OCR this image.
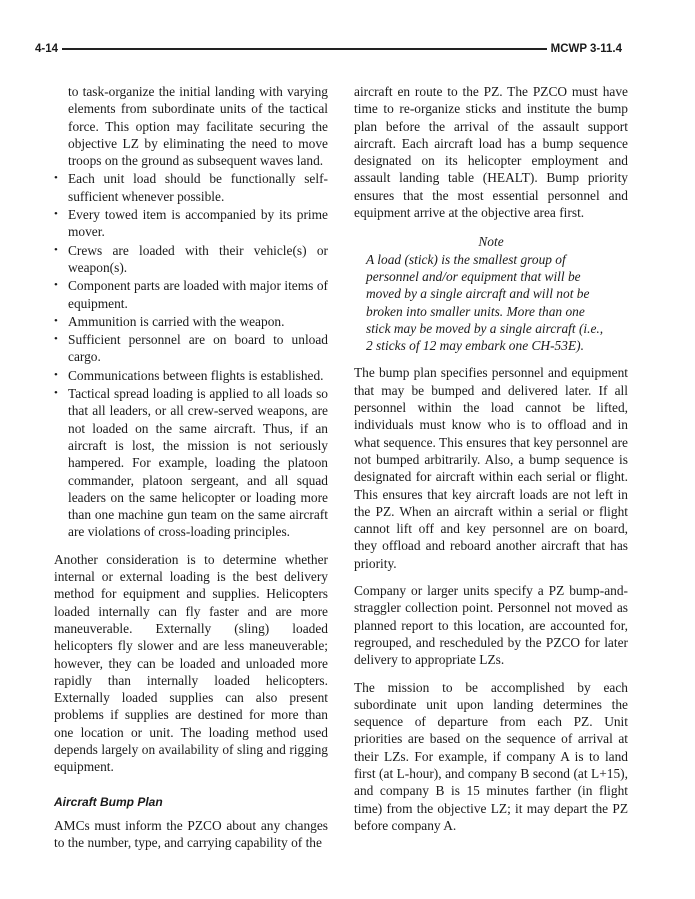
4-14	MCWP 3-11.4

to task-organize the initial landing with varying elements from subordinate units of the tactical force. This option may facilitate securing the objective LZ by eliminating the need to move troops on the ground as subsequent waves land.

• Each unit load should be functionally self-sufficient whenever possible.
• Every towed item is accompanied by its prime mover.
• Crews are loaded with their vehicle(s) or weapon(s).
• Component parts are loaded with major items of equipment.
• Ammunition is carried with the weapon.
• Sufficient personnel are on board to unload cargo.
• Communications between flights is established.
• Tactical spread loading is applied to all loads so that all leaders, or all crew-served weapons, are not loaded on the same aircraft. Thus, if an aircraft is lost, the mission is not seriously hampered. For example, loading the platoon commander, platoon sergeant, and all squad leaders on the same helicopter or loading more than one machine gun team on the same aircraft are violations of cross-loading principles.

Another consideration is to determine whether internal or external loading is the best delivery method for equipment and supplies. Helicopters loaded internally can fly faster and are more maneuverable. Externally (sling) loaded helicopters fly slower and are less maneuverable; however, they can be loaded and unloaded more rapidly than internally loaded helicopters. Externally loaded supplies can also present problems if supplies are destined for more than one location or unit. The loading method used depends largely on availability of sling and rigging equipment.

Aircraft Bump Plan

AMCs must inform the PZCO about any changes to the number, type, and carrying capability of the

aircraft en route to the PZ. The PZCO must have time to re-organize sticks and institute the bump plan before the arrival of the assault support aircraft. Each aircraft load has a bump sequence designated on its helicopter employment and assault landing table (HEALT). Bump priority ensures that the most essential personnel and equipment arrive at the objective area first.

Note
A load (stick) is the smallest group of personnel and/or equipment that will be moved by a single aircraft and will not be broken into smaller units. More than one stick may be moved by a single aircraft (i.e., 2 sticks of 12 may embark one CH-53E).

The bump plan specifies personnel and equipment that may be bumped and delivered later. If all personnel within the load cannot be lifted, individuals must know who is to offload and in what sequence. This ensures that key personnel are not bumped arbitrarily. Also, a bump sequence is designated for aircraft within each serial or flight. This ensures that key aircraft loads are not left in the PZ. When an aircraft within a serial or flight cannot lift off and key personnel are on board, they offload and reboard another aircraft that has priority.

Company or larger units specify a PZ bump-and-straggler collection point. Personnel not moved as planned report to this location, are accounted for, regrouped, and rescheduled by the PZCO for later delivery to appropriate LZs.

The mission to be accomplished by each subordinate unit upon landing determines the sequence of departure from each PZ. Unit priorities are based on the sequence of arrival at their LZs. For example, if company A is to land first (at L-hour), and company B second (at L+15), and company B is 15 minutes farther (in flight time) from the objective LZ; it may depart the PZ before company A.
